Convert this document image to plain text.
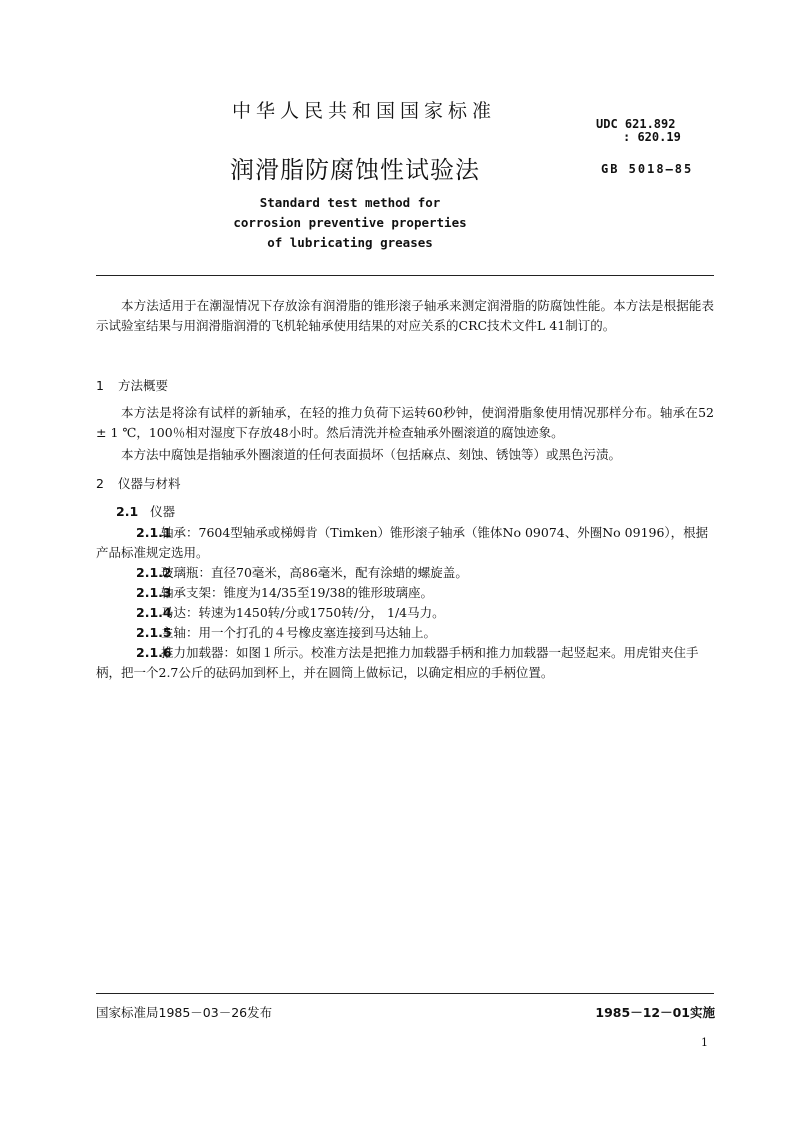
中华人民共和国国家标准
UDC 621.892
: 620.19
润滑脂防腐蚀性试验法	GB 5018—85
Standard test method for
corrosion preventive properties
of lubricating greases
本方法适用于在潮湿情况下存放涂有润滑脂的锥形滚子轴承来测定润滑脂的防腐蚀性能。本方法是根据能表示试验室结果与用润滑脂润滑的飞机轮轴承使用结果的对应关系的CRC技术文件L 41制订的。
1 方法概要
本方法是将涂有试样的新轴承，在轻的推力负荷下运转60秒钟，使润滑脂象使用情况那样分布。轴承在52 ± 1 ℃，100％相对湿度下存放48小时。然后清洗并检查轴承外圈滚道的腐蚀迹象。
本方法中腐蚀是指轴承外圈滚道的任何表面损坏（包括麻点、刻蚀、锈蚀等）或黑色污渍。
2 仪器与材料
2.1 仪器
2.1.1轴承：7604型轴承或梯姆肯（Timken）锥形滚子轴承（锥体No 09074、外圈No 09196），根据产品标准规定选用。
2.1.2玻璃瓶：直径70毫米，高86毫米，配有涂蜡的螺旋盖。
2.1.3轴承支架：锥度为14/35至19/38的锥形玻璃座。
2.1.4马达：转速为1450转/分或1750转/分， 1/4马力。
2.1.5主轴：用一个打孔的４号橡皮塞连接到马达轴上。
2.1.6推力加载器：如图１所示。校准方法是把推力加载器手柄和推力加载器一起竖起来。用虎钳夹住手柄，把一个2.7公斤的砝码加到杯上，并在圆筒上做标记，以确定相应的手柄位置。
国家标准局1985－03－26发布	1985－12－01实施
1
